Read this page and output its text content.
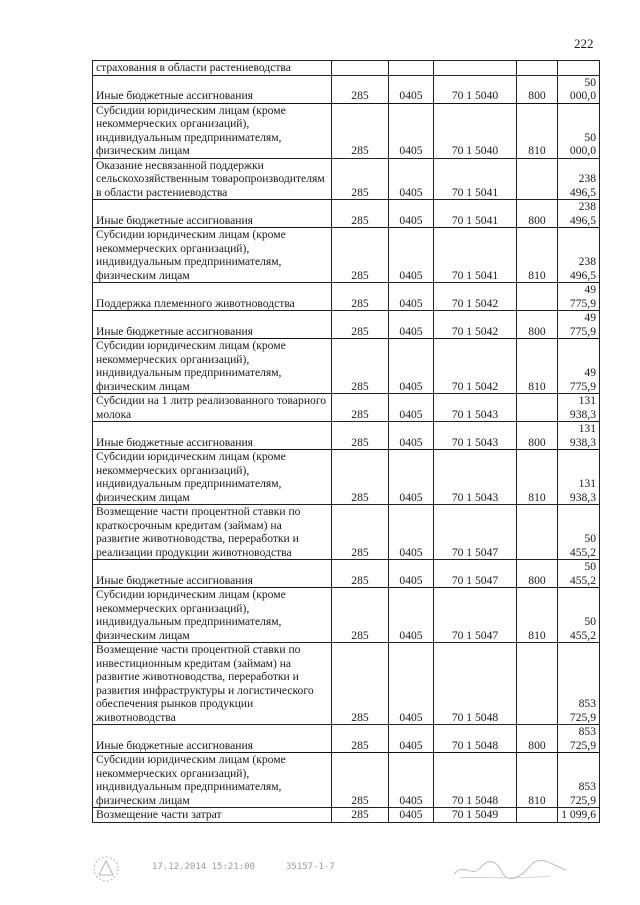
222
страхования в области растениеводства					
Иные бюджетные ассигнования	285	0405	70 1 5040	800	50 000,0
Субсидии юридическим лицам (кроме некоммерческих организаций), индивидуальным предпринимателям, физическим лицам	285	0405	70 1 5040	810	50 000,0
Оказание несвязанной поддержки сельскохозяйственным товаропроизводителям в области растениеводства	285	0405	70 1 5041		238 496,5
Иные бюджетные ассигнования	285	0405	70 1 5041	800	238 496,5
Субсидии юридическим лицам (кроме некоммерческих организаций), индивидуальным предпринимателям, физическим лицам	285	0405	70 1 5041	810	238 496,5
Поддержка племенного животноводства	285	0405	70 1 5042		49 775,9
Иные бюджетные ассигнования	285	0405	70 1 5042	800	49 775,9
Субсидии юридическим лицам (кроме некоммерческих организаций), индивидуальным предпринимателям, физическим лицам	285	0405	70 1 5042	810	49 775,9
Субсидии на 1 литр реализованного товарного молока	285	0405	70 1 5043		131 938,3
Иные бюджетные ассигнования	285	0405	70 1 5043	800	131 938,3
Субсидии юридическим лицам (кроме некоммерческих организаций), индивидуальным предпринимателям, физическим лицам	285	0405	70 1 5043	810	131 938,3
Возмещение части процентной ставки по краткосрочным кредитам (займам) на развитие животноводства, переработки и реализации продукции животноводства	285	0405	70 1 5047		50 455,2
Иные бюджетные ассигнования	285	0405	70 1 5047	800	50 455,2
Субсидии юридическим лицам (кроме некоммерческих организаций), индивидуальным предпринимателям, физическим лицам	285	0405	70 1 5047	810	50 455,2
Возмещение части процентной ставки по инвестиционным кредитам (займам) на развитие животноводства, переработки и развития инфраструктуры и логистического обеспечения рынков продукции животноводства	285	0405	70 1 5048		853 725,9
Иные бюджетные ассигнования	285	0405	70 1 5048	800	853 725,9
Субсидии юридическим лицам (кроме некоммерческих организаций), индивидуальным предпринимателям, физическим лицам	285	0405	70 1 5048	810	853 725,9
Возмещение части затрат	285	0405	70 1 5049		1 099,6
17.12.2014 15:21:00	35157-1-7
